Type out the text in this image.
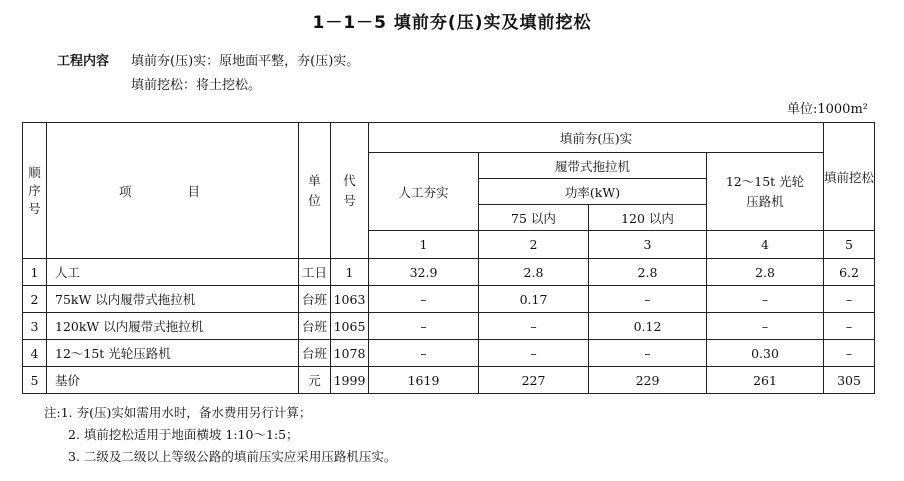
1－1－5 填前夯(压)实及填前挖松
工程内容 填前夯(压)实：原地面平整，夯(压)实。
填前挖松：将土挖松。
单位:1000m²
顺序号	项 目	单位	代号	填前夯(压)实				填前挖松
				人工夯实	履带式拖拉机		12～15t 光轮压路机	

					功率(kW)			
					75 以内	120 以内		
				1	2	3	4	5
1	人工	工日	1	32.9	2.8	2.8	2.8	6.2
2	75kW 以内履带式拖拉机	台班	1063	–	0.17	–	–	–
3	120kW 以内履带式拖拉机	台班	1065	–	–	0.12	–	–
4	12～15t 光轮压路机	台班	1078	–	–	–	0.30	–
5	基价	元	1999	1619	227	229	261	305
注:1. 夯(压)实如需用水时，备水费用另行计算；
2. 填前挖松适用于地面横坡 1:10～1:5；
3. 二级及二级以上等级公路的填前压实应采用压路机压实。
